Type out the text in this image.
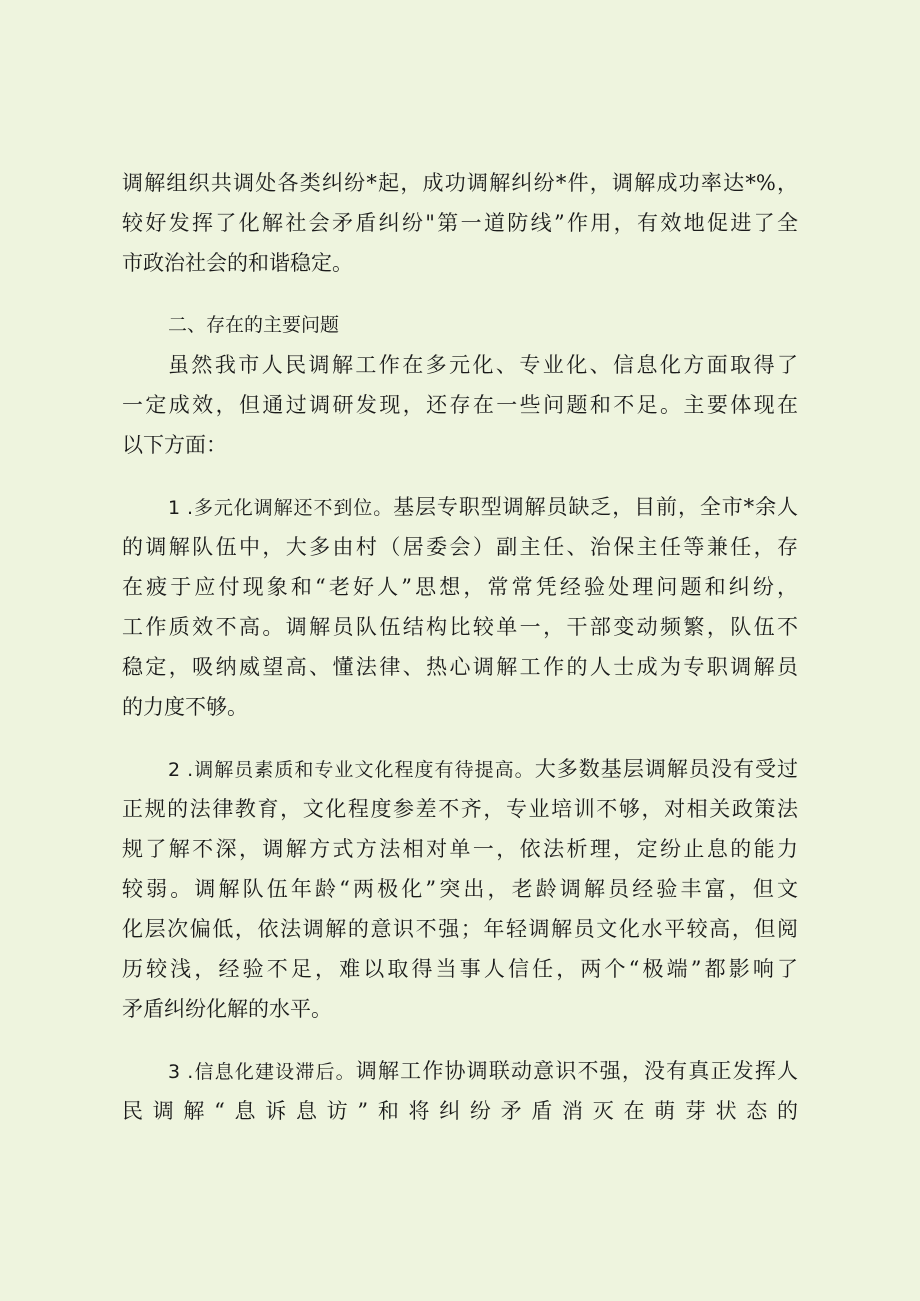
调解组织共调处各类纠纷*起，成功调解纠纷*件，调解成功率达*%，
较好发挥了化解社会矛盾纠纷"第一道防线”作用，有效地促进了全
市政治社会的和谐稳定。
二、存在的主要问题
虽然我市人民调解工作在多元化、专业化、信息化方面取得了
一定成效，但通过调研发现，还存在一些问题和不足。主要体现在
以下方面：
1 .多元化调解还不到位。基层专职型调解员缺乏，目前，全市*余人
的调解队伍中，大多由村（居委会）副主任、治保主任等兼任，存
在疲于应付现象和“老好人”思想，常常凭经验处理问题和纠纷，
工作质效不高。调解员队伍结构比较单一，干部变动频繁，队伍不
稳定，吸纳威望高、懂法律、热心调解工作的人士成为专职调解员
的力度不够。
2 .调解员素质和专业文化程度有待提高。大多数基层调解员没有受过
正规的法律教育，文化程度参差不齐，专业培训不够，对相关政策法
规了解不深，调解方式方法相对单一，依法析理，定纷止息的能力
较弱。调解队伍年龄“两极化”突出，老龄调解员经验丰富，但文
化层次偏低，依法调解的意识不强；年轻调解员文化水平较高，但阅
历较浅，经验不足，难以取得当事人信任，两个“极端”都影响了
矛盾纠纷化解的水平。
3 .信息化建设滞后。调解工作协调联动意识不强，没有真正发挥人
民调解“息诉息访”和将纠纷矛盾消灭在萌芽状态的
